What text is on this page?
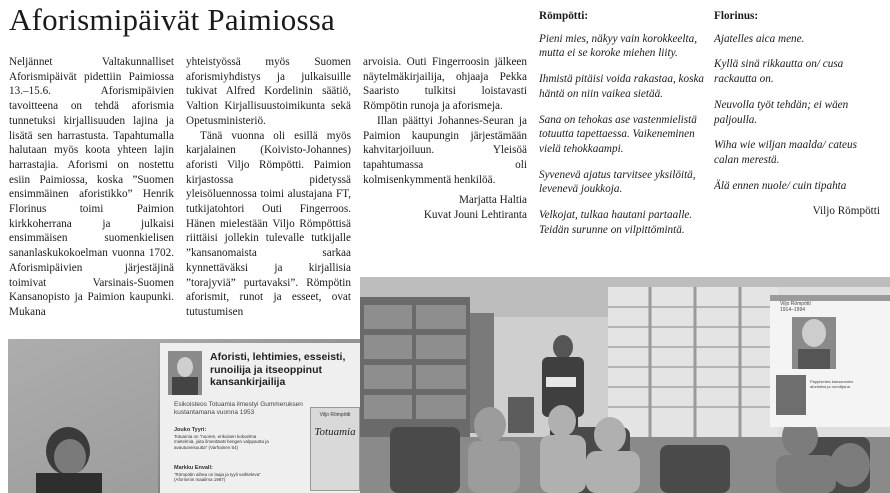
Aforismipäivät Paimiossa

Neljännet Valtakunnalliset Aforismipäivät pidettiin Paimiossa 13.–15.6. Aforismipäivien tavoitteena on tehdä aforismia tunnetuksi kirjallisuuden lajina ja lisätä sen harrastusta. Tapahtumalla halutaan myös koota yhteen lajin harrastajia. Aforismi on nostettu esiin Paimiossa, koska ”Suomen ensimmäinen aforistikko” Henrik Florinus toimi Paimion kirkkoherrana ja julkaisi ensimmäisen suomenkielisen sananlaskukokoelman vuonna 1702. Aforismipäivien järjestäjinä toimivat Varsinais-Suomen Kansanopisto ja Paimion kaupunki. Mukana

yhteistyössä myös Suomen aforismiyhdistys ja julkaisuille tukivat Alfred Kordelinin säätiö, Valtion Kirjallisuustoimikunta sekä Opetusministeriö.

Tänä vuonna oli esillä myös karjalainen (Koivisto-Johannes) aforisti Viljo Römpötti. Paimion kirjastossa pidetyssä yleisöluennossa toimi alustajana FT, tutkijatohtori Outi Fingerroos. Hänen mielestään Viljo Römpöttisä riittäisi jollekin tulevalle tutkijalle ”kansanomaista sarkaa kynnettäväksi ja kirjallisia ”torajyviä” purtavaksi”. Römpötin aforismit, runot ja esseet, ovat tutustumisen

arvoisia. Outi Fingerroosin jälkeen näytelmäkirjailija, ohjaaja Pekka Saaristo tulkitsi loistavasti Römpötin runoja ja aforismeja.

Illan päättyi Johannes-Seuran ja Paimion kaupungin järjestämään kahvitarjoiluun. Yleisöä tapahtumassa oli kolmisenkymmentä henkilöä.

Marjatta Haltia

Kuvat Jouni Lehtiranta

Römpötti:

Pieni mies, näkyy vain korokkeelta, mutta ei se koroke miehen liity.

Ihmistä pitäisi voida rakastaa, koska häntä on niin vaikea sietää.

Sana on tehokas ase vastenmielistä totuutta tapettaessa. Vaikeneminen vielä tehokkaampi.

Syvenevä ajatus tarvitsee yksilöitä, levenevä joukkoja.

Velkojat, tulkaa hautani partaalle. Teidän surunne on vilpittömintä.

Florinus:

Ajatelles aica mene.

Kyllä sinä rikkautta on/ cusa rackautta on.

Neuvolla työt tehdän; ei wäen paljoulla.

Wiha wie wiljan maalda/ cateus calan merestä.

Älä ennen nuole/ cuin tipahta

Viljo Römpötti

Aforisti, lehtimies, esseisti, runoilija ja itseoppinut kansankirjailija
Esikoisteos Totuamia ilmestyi Gummeruksen kustantamana vuonna 1953
Jouko Tyyri:
Totuamia on ”nuoren, erikoisen kokoelma mietelmiä, joita ilmentävät hengen valppautta ja avautuneisuutta” (Varhainen 54)
Markku Envall:
”Römpötin aihea on laaja ja tyyli vaihteleva” (Aforismin maailma 1987)
Viljo Römpötti
Totuamia
Viljo Römpötti
1914–1994
Pappismies kansanmies aforistina ja runoilijana
